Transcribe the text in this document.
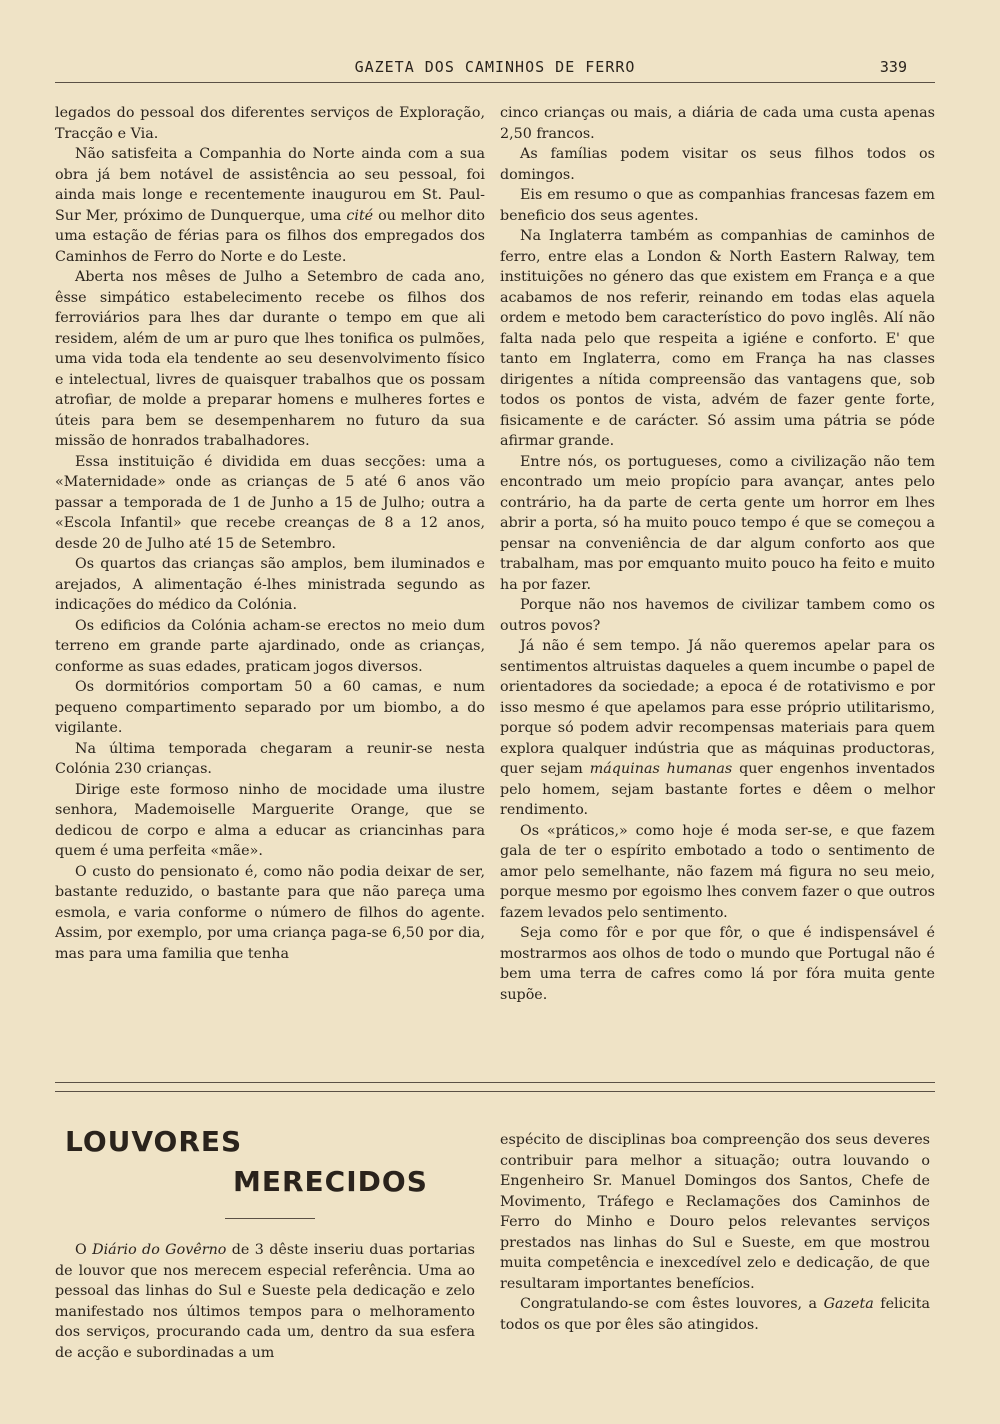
GAZETA DOS CAMINHOS DE FERRO	339

legados do pessoal dos diferentes serviços de Exploração, Tracção e Via.

Não satisfeita a Companhia do Norte ainda com a sua obra já bem notável de assistência ao seu pessoal, foi ainda mais longe e recentemente inaugurou em St. Paul-Sur Mer, próximo de Dunquerque, uma cité ou melhor dito uma estação de férias para os filhos dos empregados dos Caminhos de Ferro do Norte e do Leste.

Aberta nos mêses de Julho a Setembro de cada ano, êsse simpático estabelecimento recebe os filhos dos ferroviários para lhes dar durante o tempo em que ali residem, além de um ar puro que lhes tonifica os pulmões, uma vida toda ela tendente ao seu desenvolvimento físico e intelectual, livres de quaisquer trabalhos que os possam atrofiar, de molde a preparar homens e mulheres fortes e úteis para bem se desempenharem no futuro da sua missão de honrados trabalhadores.

Essa instituição é dividida em duas secções: uma a «Maternidade» onde as crianças de 5 até 6 anos vão passar a temporada de 1 de Junho a 15 de Julho; outra a «Escola Infantil» que recebe creanças de 8 a 12 anos, desde 20 de Julho até 15 de Setembro.

Os quartos das crianças são amplos, bem iluminados e arejados, A alimentação é-lhes ministrada segundo as indicações do médico da Colónia.

Os edificios da Colónia acham-se erectos no meio dum terreno em grande parte ajardinado, onde as crianças, conforme as suas edades, praticam jogos diversos.

Os dormitórios comportam 50 a 60 camas, e num pequeno compartimento separado por um biombo, a do vigilante.

Na última temporada chegaram a reunir-se nesta Colónia 230 crianças.

Dirige este formoso ninho de mocidade uma ilustre senhora, Mademoiselle Marguerite Orange, que se dedicou de corpo e alma a educar as criancinhas para quem é uma perfeita «mãe».

O custo do pensionato é, como não podia deixar de ser, bastante reduzido, o bastante para que não pareça uma esmola, e varia conforme o número de filhos do agente. Assim, por exemplo, por uma criança paga-se 6,50 por dia, mas para uma familia que tenha

cinco crianças ou mais, a diária de cada uma custa apenas 2,50 francos.

As famílias podem visitar os seus filhos todos os domingos.

Eis em resumo o que as companhias francesas fazem em beneficio dos seus agentes.

Na Inglaterra também as companhias de caminhos de ferro, entre elas a London & North Eastern Ralway, tem instituições no género das que existem em França e a que acabamos de nos referir, reinando em todas elas aquela ordem e metodo bem característico do povo inglês. Alí não falta nada pelo que respeita a igiéne e conforto. E' que tanto em Inglaterra, como em França ha nas classes dirigentes a nítida compreensão das vantagens que, sob todos os pontos de vista, advém de fazer gente forte, fisicamente e de carácter. Só assim uma pátria se póde afirmar grande.

Entre nós, os portugueses, como a civilização não tem encontrado um meio propício para avançar, antes pelo contrário, ha da parte de certa gente um horror em lhes abrir a porta, só ha muito pouco tempo é que se começou a pensar na conveniência de dar algum conforto aos que trabalham, mas por emquanto muito pouco ha feito e muito ha por fazer.

Porque não nos havemos de civilizar tambem como os outros povos?

Já não é sem tempo. Já não queremos apelar para os sentimentos altruistas daqueles a quem incumbe o papel de orientadores da sociedade; a epoca é de rotativismo e por isso mesmo é que apelamos para esse próprio utilitarismo, porque só podem advir recompensas materiais para quem explora qualquer indústria que as máquinas productoras, quer sejam máquinas humanas quer engenhos inventados pelo homem, sejam bastante fortes e dêem o melhor rendimento.

Os «práticos,» como hoje é moda ser-se, e que fazem gala de ter o espírito embotado a todo o sentimento de amor pelo semelhante, não fazem má figura no seu meio, porque mesmo por egoismo lhes convem fazer o que outros fazem levados pelo sentimento.

Seja como fôr e por que fôr, o que é indispensável é mostrarmos aos olhos de todo o mundo que Portugal não é bem uma terra de cafres como lá por fóra muita gente supõe.

LOUVORES
MERECIDOS

O Diário do Govêrno de 3 dêste inseriu duas portarias de louvor que nos merecem especial referência. Uma ao pessoal das linhas do Sul e Sueste pela dedicação e zelo manifestado nos últimos tempos para o melhoramento dos serviços, procurando cada um, dentro da sua esfera de acção e subordinadas a um

espécito de disciplinas boa compreenção dos seus deveres contribuir para melhor a situação; outra louvando o Engenheiro Sr. Manuel Domingos dos Santos, Chefe de Movimento, Tráfego e Reclamações dos Caminhos de Ferro do Minho e Douro pelos relevantes serviços prestados nas linhas do Sul e Sueste, em que mostrou muita competência e inexcedível zelo e dedicação, de que resultaram importantes benefícios.

Congratulando-se com êstes louvores, a Gazeta felicita todos os que por êles são atingidos.
